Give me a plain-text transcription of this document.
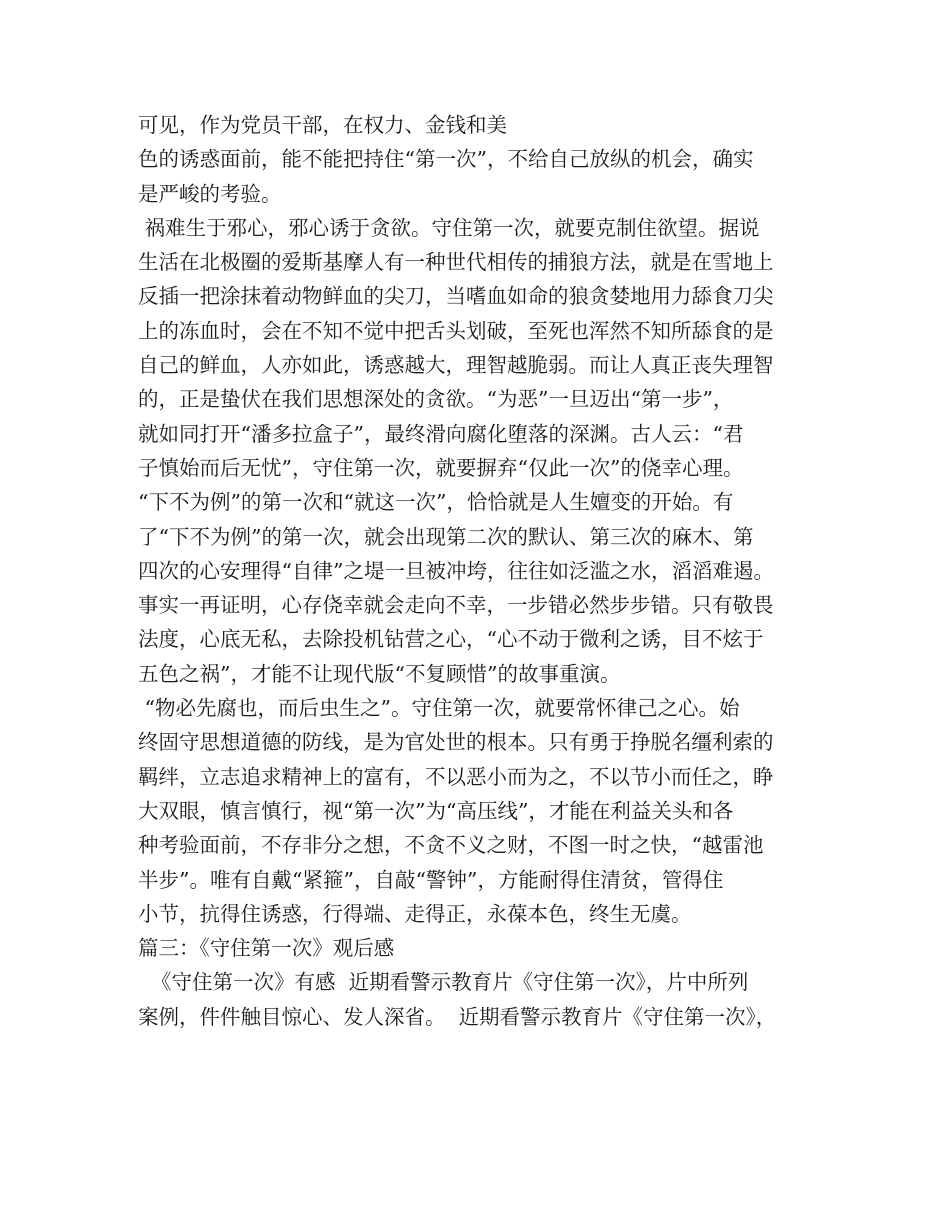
可见，作为党员干部，在权力、金钱和美
色的诱惑面前，能不能把持住“第一次”，不给自己放纵的机会，确实
是严峻的考验。
祸难生于邪心，邪心诱于贪欲。守住第一次，就要克制住欲望。据说
生活在北极圈的爱斯基摩人有一种世代相传的捕狼方法，就是在雪地上
反插一把涂抹着动物鲜血的尖刀，当嗜血如命的狼贪婪地用力舔食刀尖
上的冻血时，会在不知不觉中把舌头划破，至死也浑然不知所舔食的是
自己的鲜血，人亦如此，诱惑越大，理智越脆弱。而让人真正丧失理智
的，正是蛰伏在我们思想深处的贪欲。“为恶”一旦迈出“第一步”，
就如同打开“潘多拉盒子”，最终滑向腐化堕落的深渊。古人云：“君
子慎始而后无忧”，守住第一次，就要摒弃“仅此一次”的侥幸心理。
“下不为例”的第一次和“就这一次”，恰恰就是人生嬗变的开始。有
了“下不为例”的第一次，就会出现第二次的默认、第三次的麻木、第
四次的心安理得“自律”之堤一旦被冲垮，往往如泛滥之水，滔滔难遏。
事实一再证明，心存侥幸就会走向不幸，一步错必然步步错。只有敬畏
法度，心底无私，去除投机钻营之心，“心不动于微利之诱，目不炫于
五色之祸”，才能不让现代版“不复顾惜”的故事重演。
“物必先腐也，而后虫生之”。守住第一次，就要常怀律己之心。始
终固守思想道德的防线，是为官处世的根本。只有勇于挣脱名缰利索的
羁绊，立志追求精神上的富有，不以恶小而为之，不以节小而任之，睁
大双眼，慎言慎行，视“第一次”为“高压线”，才能在利益关头和各
种考验面前，不存非分之想，不贪不义之财，不图一时之快，“越雷池
半步”。唯有自戴“紧箍”，自敲“警钟”，方能耐得住清贫，管得住
小节，抗得住诱惑，行得端、走得正，永葆本色，终生无虞。
篇三：《守住第一次》观后感
《守住第一次》有感  近期看警示教育片《守住第一次》，片中所列
案例，件件触目惊心、发人深省。  近期看警示教育片《守住第一次》，
